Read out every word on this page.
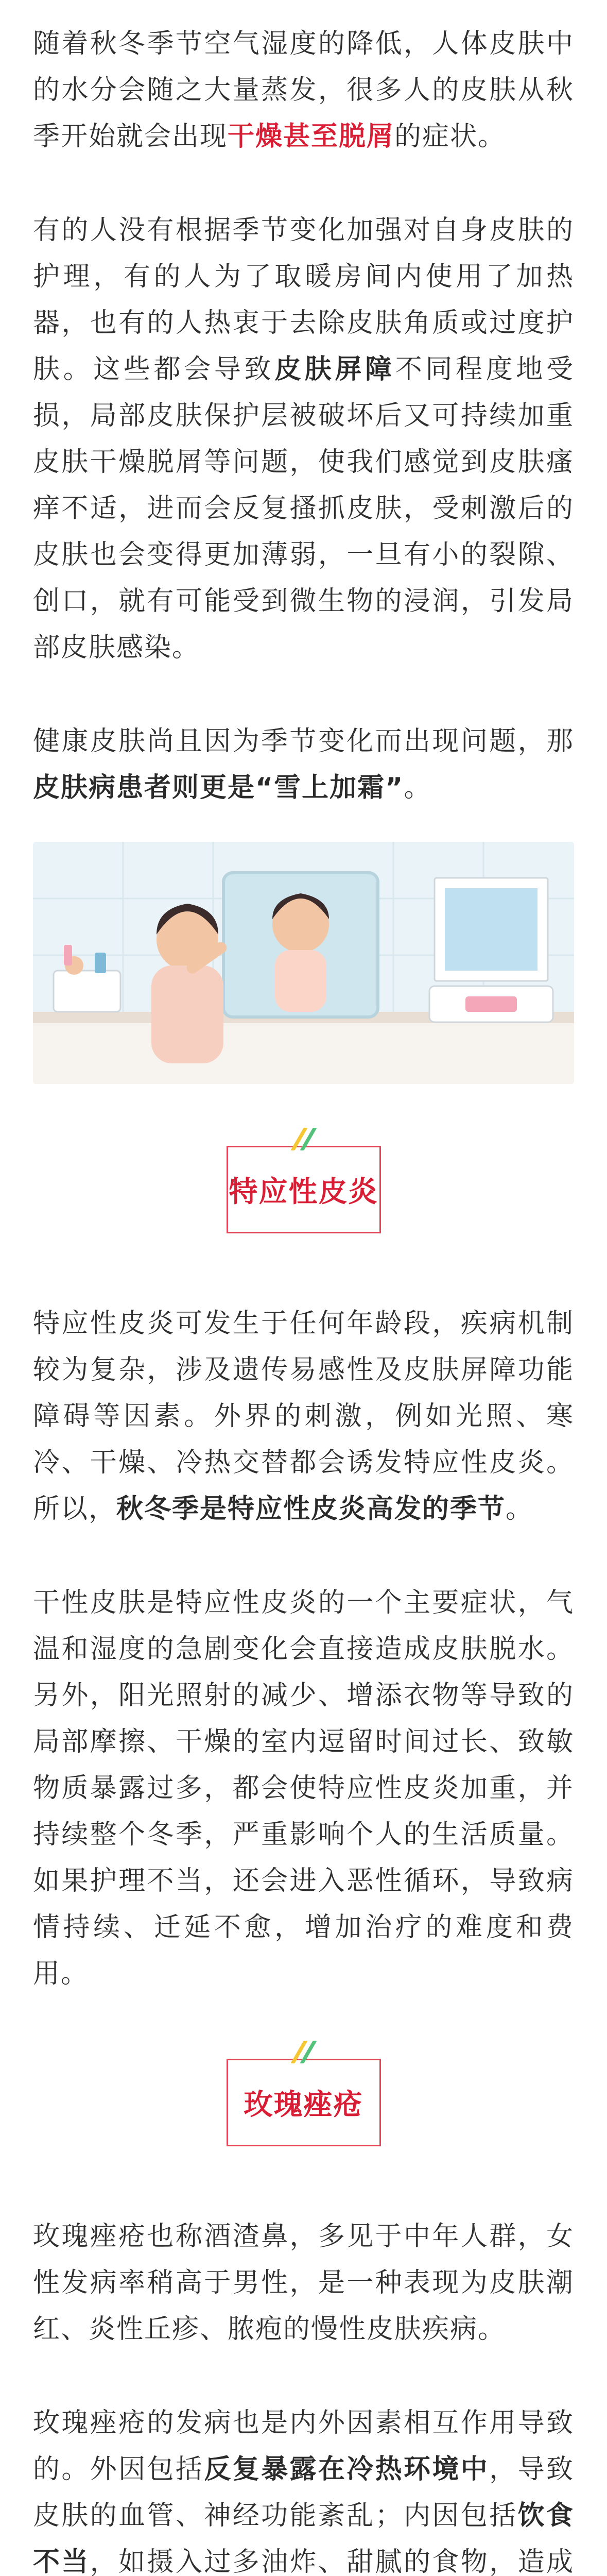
随着秋冬季节空气湿度的降低，人体皮肤中的水分会随之大量蒸发，很多人的皮肤从秋季开始就会出现干燥甚至脱屑的症状。

有的人没有根据季节变化加强对自身皮肤的护理，有的人为了取暖房间内使用了加热器，也有的人热衷于去除皮肤角质或过度护肤。这些都会导致皮肤屏障不同程度地受损，局部皮肤保护层被破坏后又可持续加重皮肤干燥脱屑等问题，使我们感觉到皮肤瘙痒不适，进而会反复搔抓皮肤，受刺激后的皮肤也会变得更加薄弱，一旦有小的裂隙、创口，就有可能受到微生物的浸润，引发局部皮肤感染。

健康皮肤尚且因为季节变化而出现问题，那皮肤病患者则更是“雪上加霜”。

特应性皮炎

特应性皮炎可发生于任何年龄段，疾病机制较为复杂，涉及遗传易感性及皮肤屏障功能障碍等因素。外界的刺激，例如光照、寒冷、干燥、冷热交替都会诱发特应性皮炎。所以，秋冬季是特应性皮炎高发的季节。

干性皮肤是特应性皮炎的一个主要症状，气温和湿度的急剧变化会直接造成皮肤脱水。另外，阳光照射的减少、增添衣物等导致的局部摩擦、干燥的室内逗留时间过长、致敏物质暴露过多，都会使特应性皮炎加重，并持续整个冬季，严重影响个人的生活质量。如果护理不当，还会进入恶性循环，导致病情持续、迁延不愈，增加治疗的难度和费用。

玫瑰痤疮

玫瑰痤疮也称酒渣鼻，多见于中年人群，女性发病率稍高于男性，是一种表现为皮肤潮红、炎性丘疹、脓疱的慢性皮肤疾病。

玫瑰痤疮的发病也是内外因素相互作用导致的。外因包括反复暴露在冷热环境中，导致皮肤的血管、神经功能紊乱；内因包括饮食不当，如摄入过多油炸、甜腻的食物，造成
